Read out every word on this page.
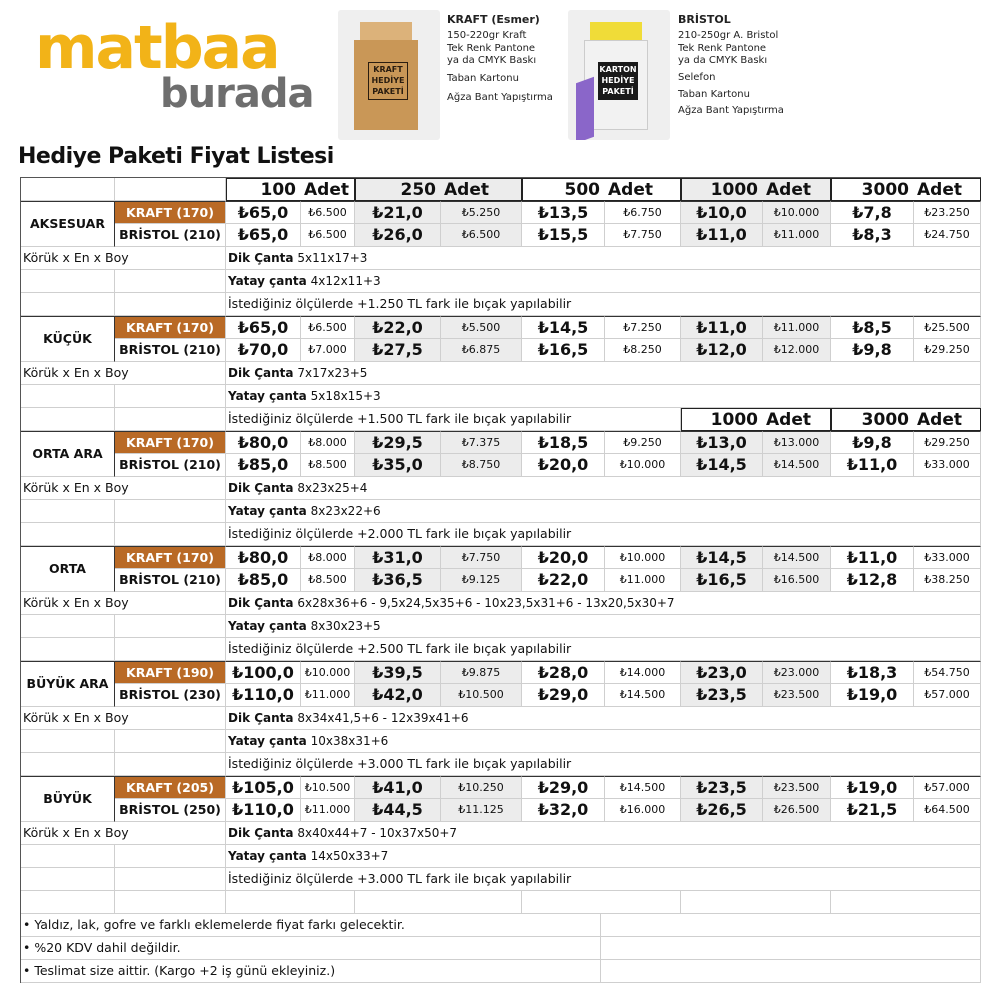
matbaa
burada
KRAFT HEDİYE PAKETİ
KRAFT (Esmer)
150-220gr Kraft
Tek Renk Pantone
ya da CMYK Baskı
Taban Kartonu
Ağza Bant Yapıştırma
KARTON HEDİYE PAKETİ
BRİSTOL
210-250gr A. Bristol
Tek Renk Pantone
ya da CMYK Baskı
Selefon
Taban Kartonu
Ağza Bant Yapıştırma
Hediye Paketi Fiyat Listesi
100 Adet	250 Adet	500 Adet	1000 Adet	3000 Adet
AKSESUAR
KRAFT (170)	₺65,0	₺6.500	₺21,0	₺5.250	₺13,5	₺6.750	₺10,0	₺10.000	₺7,8	₺23.250
BRİSTOL (210)	₺65,0	₺6.500	₺26,0	₺6.500	₺15,5	₺7.750	₺11,0	₺11.000	₺8,3	₺24.750
Körük x En x Boy	Dik Çanta 5x11x17+3
Yatay çanta 4x12x11+3
İstediğiniz ölçülerde +1.250 TL fark ile bıçak yapılabilir
KÜÇÜK
KRAFT (170)	₺65,0	₺6.500	₺22,0	₺5.500	₺14,5	₺7.250	₺11,0	₺11.000	₺8,5	₺25.500
BRİSTOL (210)	₺70,0	₺7.000	₺27,5	₺6.875	₺16,5	₺8.250	₺12,0	₺12.000	₺9,8	₺29.250
Körük x En x Boy	Dik Çanta 7x17x23+5
Yatay çanta 5x18x15+3
İstediğiniz ölçülerde +1.500 TL fark ile bıçak yapılabilir	1000 Adet	3000 Adet
ORTA ARA
KRAFT (170)	₺80,0	₺8.000	₺29,5	₺7.375	₺18,5	₺9.250	₺13,0	₺13.000	₺9,8	₺29.250
BRİSTOL (210)	₺85,0	₺8.500	₺35,0	₺8.750	₺20,0	₺10.000	₺14,5	₺14.500	₺11,0	₺33.000
Körük x En x Boy	Dik Çanta 8x23x25+4
Yatay çanta 8x23x22+6
İstediğiniz ölçülerde +2.000 TL fark ile bıçak yapılabilir
ORTA
KRAFT (170)	₺80,0	₺8.000	₺31,0	₺7.750	₺20,0	₺10.000	₺14,5	₺14.500	₺11,0	₺33.000
BRİSTOL (210)	₺85,0	₺8.500	₺36,5	₺9.125	₺22,0	₺11.000	₺16,5	₺16.500	₺12,8	₺38.250
Körük x En x Boy	Dik Çanta 6x28x36+6 - 9,5x24,5x35+6 - 10x23,5x31+6 - 13x20,5x30+7
Yatay çanta 8x30x23+5
İstediğiniz ölçülerde +2.500 TL fark ile bıçak yapılabilir
BÜYÜK ARA
KRAFT (190)	₺100,0 ₺10.000	₺39,5	₺9.875	₺28,0	₺14.000	₺23,0	₺23.000	₺18,3	₺54.750
BRİSTOL (230) ₺110,0 ₺11.000	₺42,0	₺10.500	₺29,0	₺14.500	₺23,5	₺23.500	₺19,0	₺57.000
Körük x En x Boy	Dik Çanta 8x34x41,5+6 - 12x39x41+6
Yatay çanta 10x38x31+6
İstediğiniz ölçülerde +3.000 TL fark ile bıçak yapılabilir
BÜYÜK
KRAFT (205)	₺105,0 ₺10.500	₺41,0	₺10.250	₺29,0	₺14.500	₺23,5	₺23.500	₺19,0	₺57.000
BRİSTOL (250) ₺110,0 ₺11.000	₺44,5	₺11.125	₺32,0	₺16.000	₺26,5	₺26.500	₺21,5	₺64.500
Körük x En x Boy	Dik Çanta 8x40x44+7 - 10x37x50+7
Yatay çanta 14x50x33+7
İstediğiniz ölçülerde +3.000 TL fark ile bıçak yapılabilir
• Yaldız, lak, gofre ve farklı eklemelerde fiyat farkı gelecektir.
• %20 KDV dahil değildir.
• Teslimat size aittir. (Kargo +2 iş günü ekleyiniz.)
